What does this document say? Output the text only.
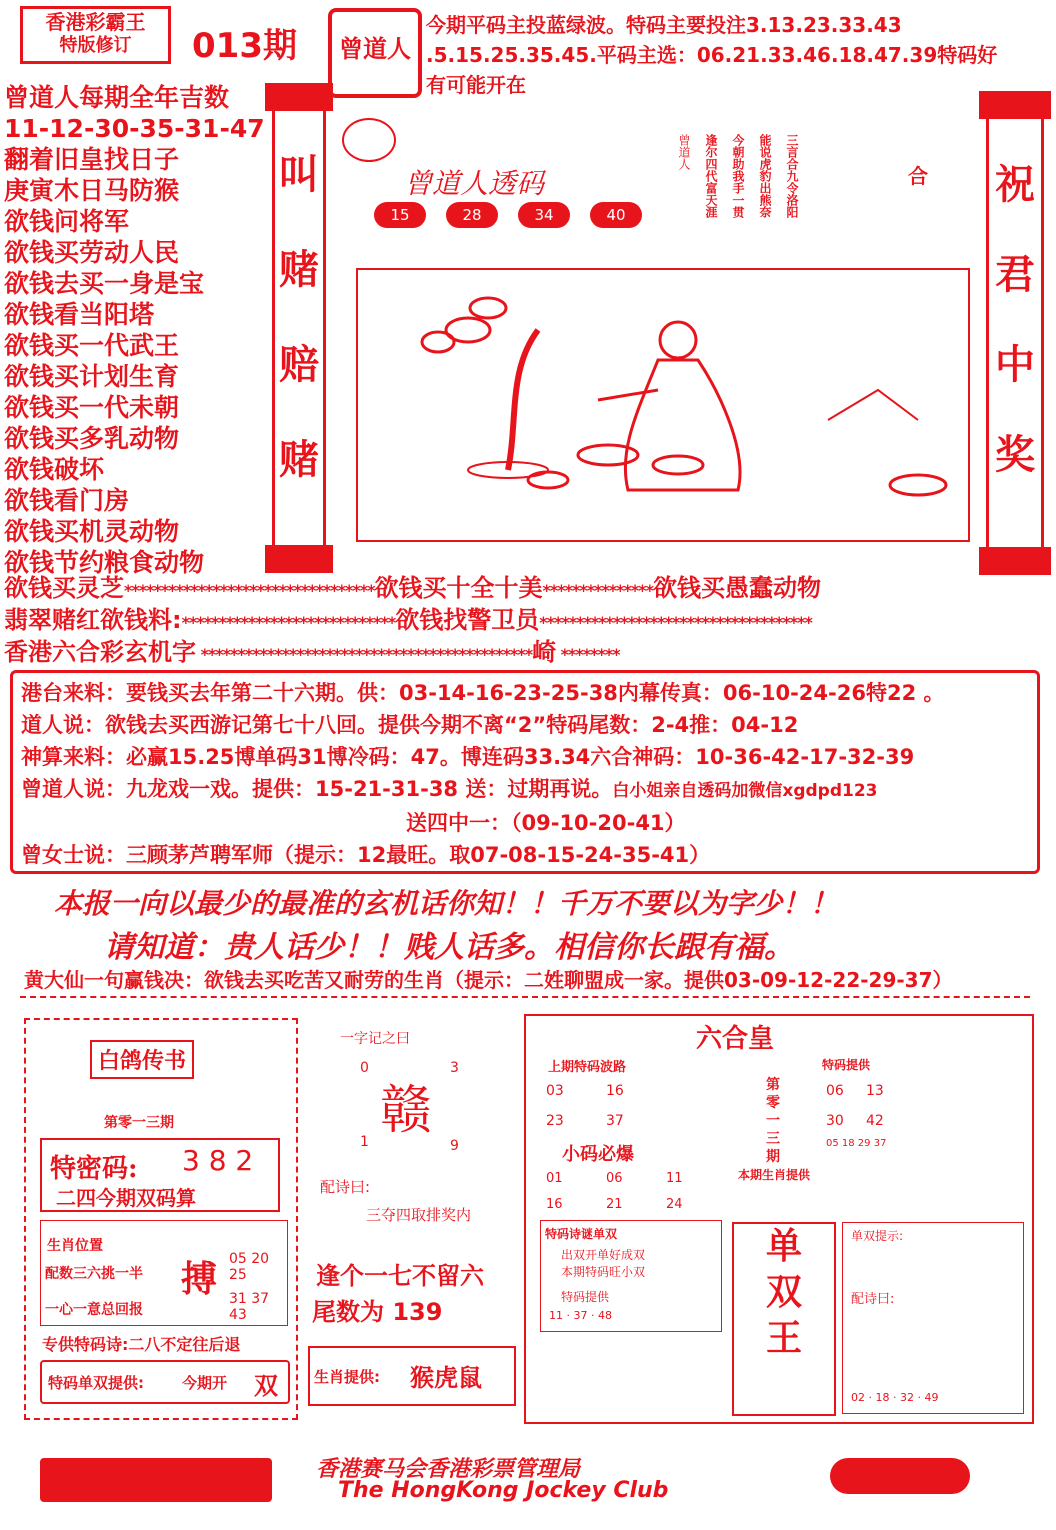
香港彩霸王
特版修订	013期 曾道人
今期平码主投蓝绿波。特码主要投注3.13.23.33.43
.5.15.25.35.45.平码主选：06.21.33.46.18.47.39特码好
有可能开在
曾道人每期全年吉数
11-12-30-35-31-47
翻着旧皇找日子
庚寅木日马防猴
欲钱问将军
欲钱买劳动人民
欲钱去买一身是宝
欲钱看当阳塔
欲钱买一代武王
欲钱买计划生育
欲钱买一代未朝
欲钱买多乳动物
欲钱破坏
欲钱看门房
欲钱买机灵动物
欲钱节约粮食动物
叫
赌
赔
赌
曾道人透码
15	28	34	40	三言合九令洛阳
能说虎豹出熊奈
今朝助我手一贯
逢尔四代富天涯
曾道人
合 祝
君
中
奖
欲钱买灵芝**********************************欲钱买十全十美***************欲钱买愚蠢动物
翡翠赌红欲钱料:*****************************欲钱找警卫员*************************************
香港六合彩玄机字 *********************************************崎 ********
港台来料：要钱买去年第二十六期。供：03-14-16-23-25-38内幕传真：06-10-24-26特22 。
道人说：欲钱去买西游记第七十八回。提供今期不离“2”特码尾数：2-4推：04-12
神算来料：必赢15.25博单码31博冷码：47。博连码33.34六合神码：10-36-42-17-32-39
曾道人说：九龙戏一戏。提供：15-21-31-38 送：过期再说。白小姐亲自透码加微信xgdpd123
送四中一：（09-10-20-41）
曾女士说：三顾茅芦聘军师（提示：12最旺。取07-08-15-24-35-41）
本报一向以最少的最准的玄机话你知！！千万不要以为字少！！
请知道：贵人话少！！贱人话多。相信你长跟有福。
黄大仙一句赢钱决：欲钱去买吃苦又耐劳的生肖（提示：二姓聊盟成一家。提供03-09-12-22-29-37）
白鸽传书
第零一三期
特密码: 3 8 2
二四今期双码算
生肖位置
配数三六挑一半
一心一意总回报
搏 05 20 25
31 37 43
专供特码诗:二八不定往后退
特码单双提供:	今期开 双
一字记之曰
0	3
赣
1	9
配诗曰:
三夺四取排奖内
逢个一七不留六
尾数为 139
生肖提供: 猴虎鼠
六合皇
上期特码波路
03	16
23	37
第零一三期
特码提供
06 13
30 42
05 18 29 37
小码必爆
01	06	11
16	21	24
本期生肖提供
特码诗谜单双
出双开单好成双
本期特码旺小双
特码提供
11 · 37 · 48
单
双
王
单双提示:
配诗曰:
02 · 18 · 32 · 49
香港赛马会香港彩票管理局
The HongKong Jockey Club
